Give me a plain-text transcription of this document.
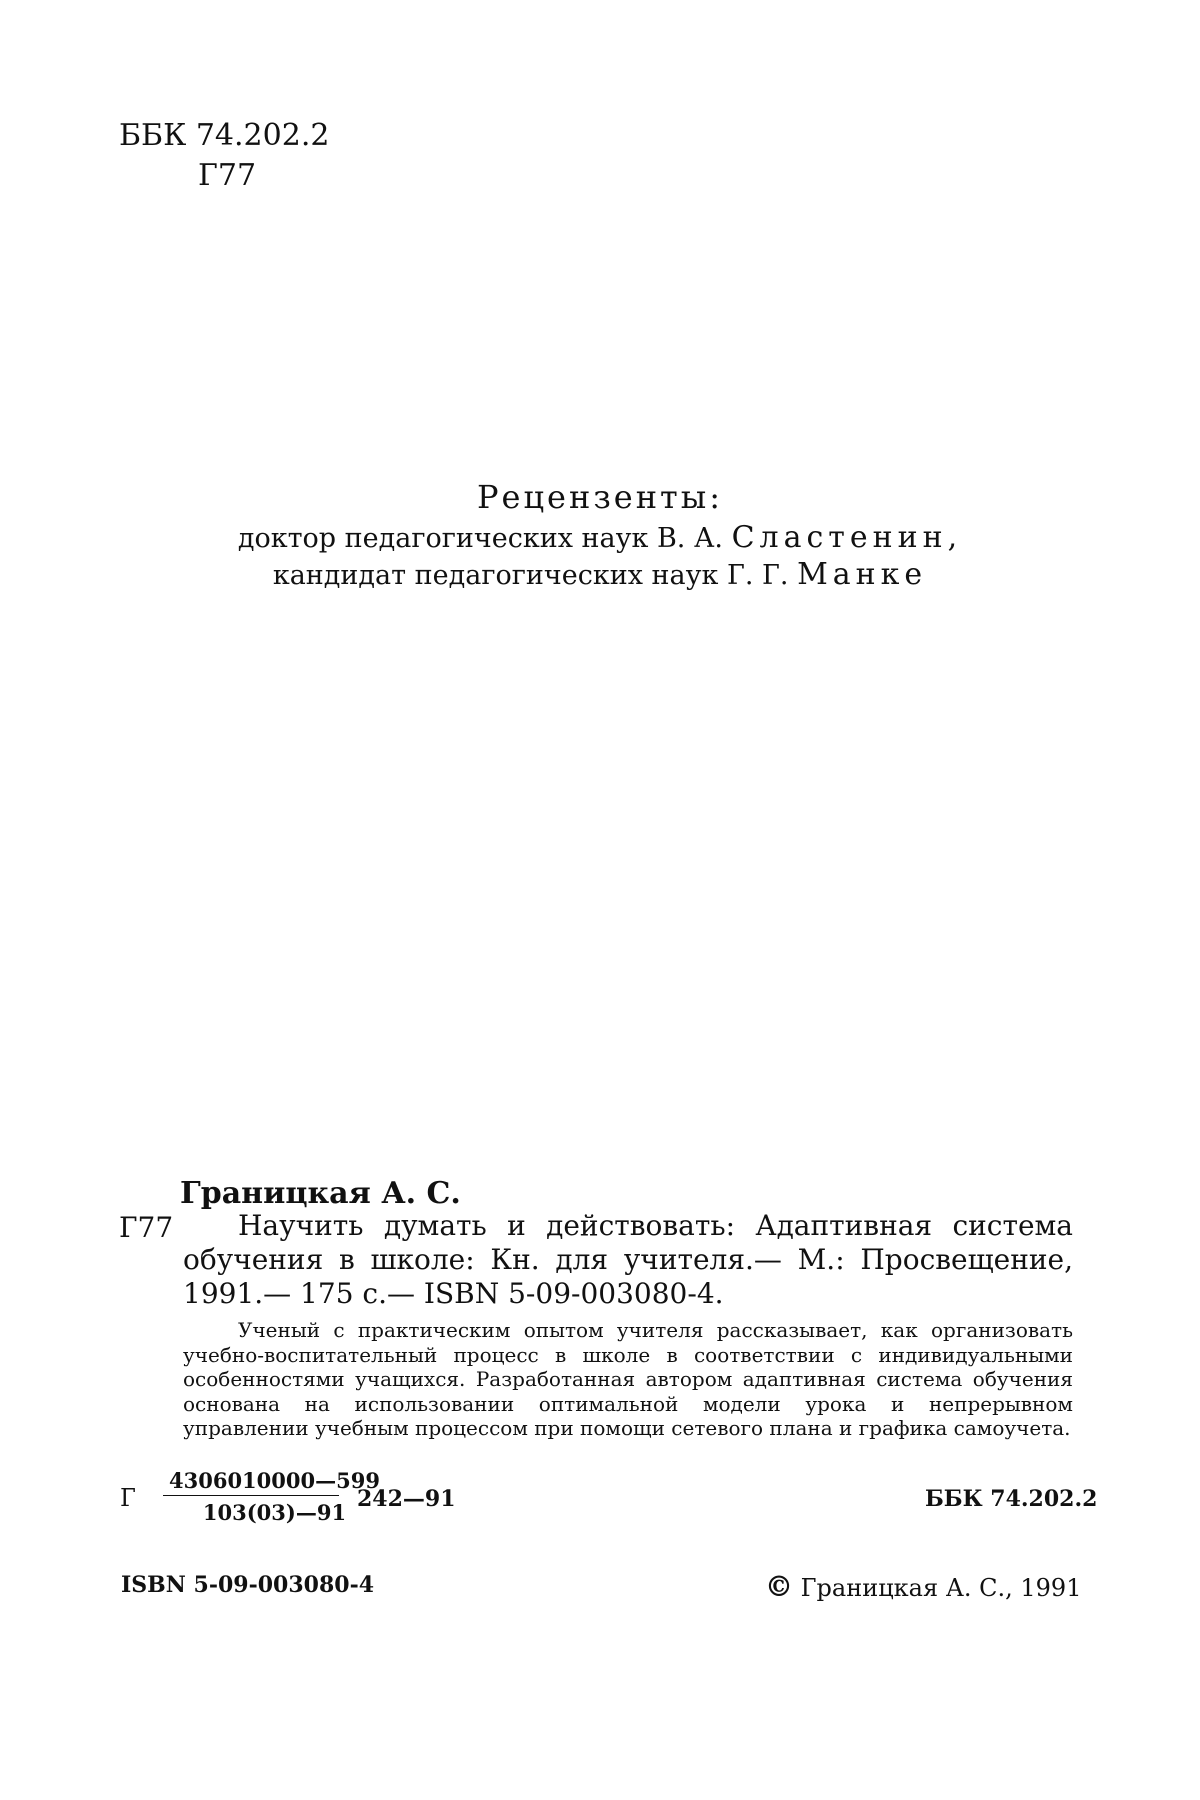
ББК 74.202.2

Г77

Рецензенты:

доктор педагогических наук В. А. Сластенин,

кандидат педагогических наук Г. Г. Манке

Границкая А. С.

Г77	Научить думать и действовать: Адаптивная система обучения в школе: Кн. для учителя.— М.: Просвещение, 1991.— 175 с.— ISBN 5-09-003080-4.

Ученый с практическим опытом учителя рассказывает, как организовать учебно-воспитательный процесс в школе в соответствии с индивидуальными особенностями учащихся. Разработанная автором адаптивная система обучения основана на использовании оптимальной модели урока и непрерывном управлении учебным процессом при помощи сетевого плана и графика самоучета.

Г

4306010000—599
103(03)—91

242—91	ББК 74.202.2

ISBN 5-09-003080-4	© Границкая А. С., 1991
